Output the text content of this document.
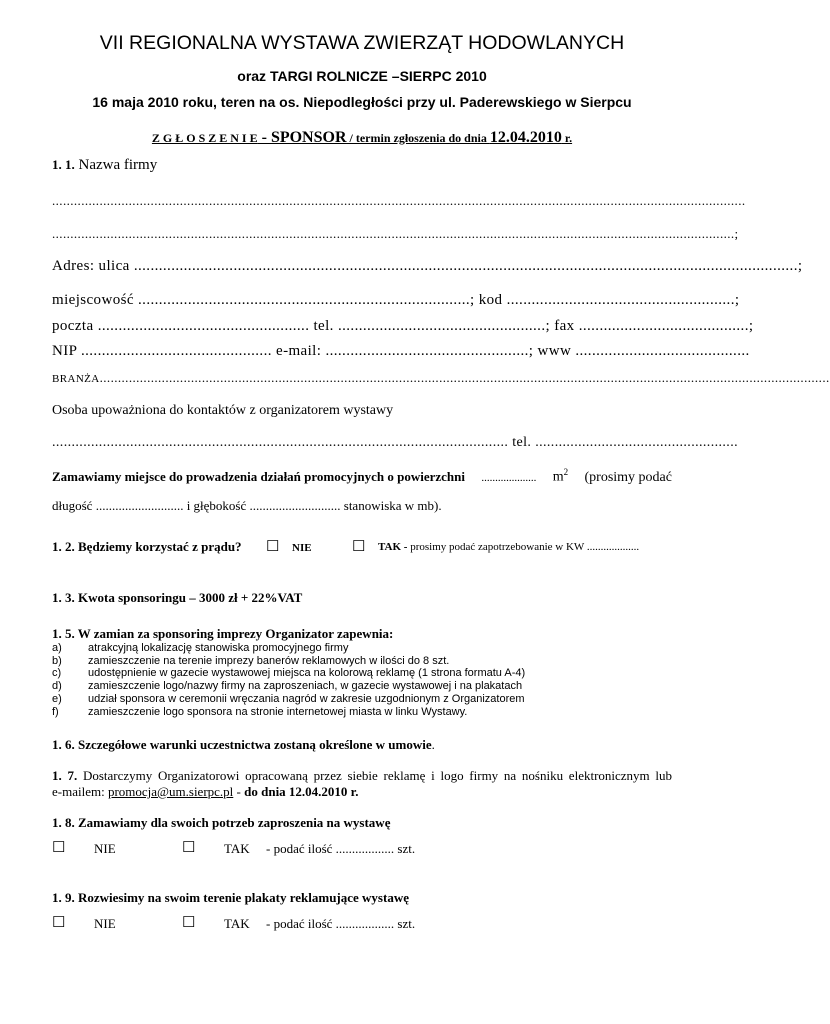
VII REGIONALNA WYSTAWA ZWIERZĄT HODOWLANYCH
oraz TARGI ROLNICZE –SIERPC 2010
16 maja 2010 roku, teren na os. Niepodległości przy ul. Paderewskiego w Sierpcu
Z G Ł O S Z E N I E - SPONSOR / termin zgłoszenia do dnia 12.04.2010 r.
1. 1. Nazwa firmy
..............................................................................................................................................................................................
...........................................................................................................................................................................................;
Adres: ulica ................................................................................................................................................................;
miejscowość ................................................................................; kod .......................................................;
poczta ................................................... tel. ..................................................; fax .........................................;
NIP .............................................. e-mail: .................................................; www ..........................................
BRANŻA........................................................................................................................................................................................................
Osoba upoważniona do kontaktów z organizatorem wystawy
..................................................................................................................... tel. ....................................................
Zamawiamy miejsce do prowadzenia działań promocyjnych o powierzchni .................... $m^2$ (prosimy podać
długość ........................... i głębokość ............................ stanowiska w mb).
1. 2. Będziemy korzystać z prądu? ☐ NIE	☐ TAK - prosimy podać zapotrzebowanie w KW ...................
1. 3. Kwota sponsoringu – 3000 zł + 22%VAT
1. 5. W zamian za sponsoring imprezy Organizator zapewnia:
a) atrakcyjną lokalizację stanowiska promocyjnego firmy
b) zamieszczenie na terenie imprezy banerów reklamowych w ilości do 8 szt.
c) udostępnienie w gazecie wystawowej miejsca na kolorową reklamę (1 strona formatu A-4)
d) zamieszczenie logo/nazwy firmy na zaproszeniach, w gazecie wystawowej i na plakatach
e) udział sponsora w ceremonii wręczania nagród w zakresie uzgodnionym z Organizatorem
f)	zamieszczenie logo sponsora na stronie internetowej miasta w linku Wystawy.
1. 6. Szczegółowe warunki uczestnictwa zostaną określone w umowie.
1. 7. Dostarczymy Organizatorowi opracowaną przez siebie reklamę i logo firmy na nośniku elektronicznym lub
e-mailem: promocja@um.sierpc.pl - do dnia 12.04.2010 r.
1. 8. Zamawiamy dla swoich potrzeb zaproszenia na wystawę
☐ NIE	☐ TAK - podać ilość .................. szt.
1. 9. Rozwiesimy na swoim terenie plakaty reklamujące wystawę
☐ NIE	☐ TAK - podać ilość .................. szt.
